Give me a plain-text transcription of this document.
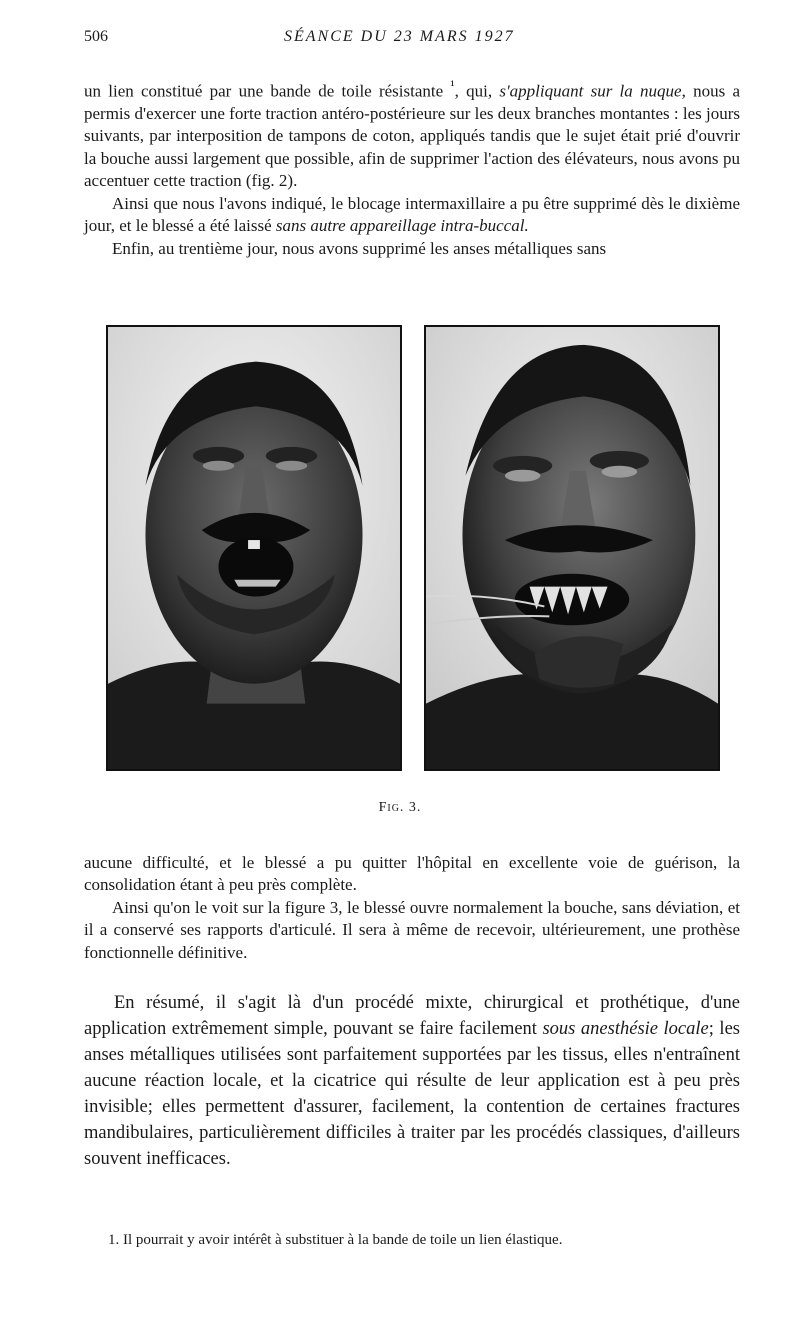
506	SÉANCE DU 23 MARS 1927

un lien constitué par une bande de toile résistante $^{^1}$, qui, s'appliquant sur la nuque, nous a permis d'exercer une forte traction antéro-postérieure sur les deux branches montantes : les jours suivants, par interposition de tampons de coton, appliqués tandis que le sujet était prié d'ouvrir la bouche aussi largement que possible, afin de supprimer l'action des élévateurs, nous avons pu accentuer cette traction (fig. 2).

Ainsi que nous l'avons indiqué, le blocage intermaxillaire a pu être supprimé dès le dixième jour, et le blessé a été laissé sans autre appareillage intra-buccal.

Enfin, au trentième jour, nous avons supprimé les anses métalliques sans

Fig. 3.

aucune difficulté, et le blessé a pu quitter l'hôpital en excellente voie de guérison, la consolidation étant à peu près complète.

Ainsi qu'on le voit sur la figure 3, le blessé ouvre normalement la bouche, sans déviation, et il a conservé ses rapports d'articulé. Il sera à même de recevoir, ultérieurement, une prothèse fonctionnelle définitive.

En résumé, il s'agit là d'un procédé mixte, chirurgical et prothétique, d'une application extrêmement simple, pouvant se faire facilement sous anesthésie locale; les anses métalliques utilisées sont parfaitement supportées par les tissus, elles n'entraînent aucune réaction locale, et la cicatrice qui résulte de leur application est à peu près invisible; elles permettent d'assurer, facilement, la contention de certaines fractures mandibulaires, particulièrement difficiles à traiter par les procédés classiques, d'ailleurs souvent inefficaces.

1. Il pourrait y avoir intérêt à substituer à la bande de toile un lien élastique.
